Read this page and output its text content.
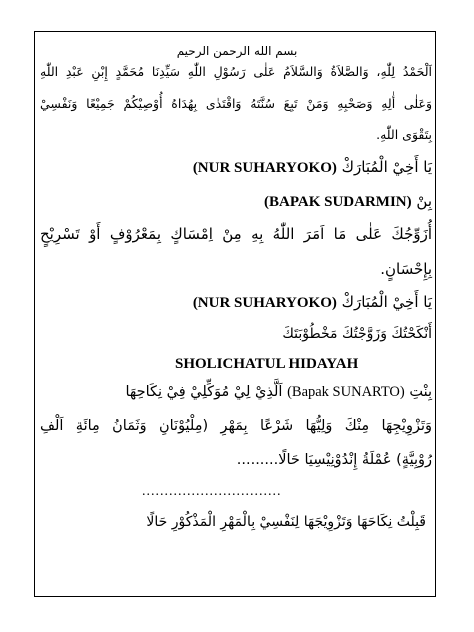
بسم الله الرحمن الرحيم
اَلْحَمْدُ لِلّٰهِ، وَالصَّلاَةُ وَالسَّلاَمُ عَلٰى رَسُوْلِ اللّٰهِ سَيِّدِنَا مُحَمَّدٍ إِبْنِ عَبْدِ اللّٰهِ
وَعَلٰى أٰلِهِ وَصَحْبِهِ وَمَنْ تَبِعَ سُنَّتَهُ وَاقْتَدٰى بِهُدَاهُ أُوْصِيْكُمْ جَمِيْعًا وَنَفْسِيْ
بِتَقْوَى اللّٰهِ.
يَا أَخِيْ الْمُبَارَكْ (NUR SUHARYOKO)
بِنْ (BAPAK SUDARMIN)
أُزَوِّجُكَ عَلٰى مَا اَمَرَ اللّٰهُ بِهِ مِنْ اِمْسَاكٍ بِمَعْرُوْفٍ أَوْ تَسْرِيْحٍ
بِإِحْسَانٍ.
يَا أَخِيْ الْمُبَارَكْ (NUR SUHARYOKO)
أَنْكَحْتُكَ وَزَوَّجْتُكَ مَخْطُوْبَتَكَ
SHOLICHATUL HIDAYAH
بِنْتِ (Bapak SUNARTO) اَلَّذِيْ لِيْ مُوَكِّلِيْ فِيْ نِكَاحِهَا
وَتَزْوِيْجِهَا مِنْكَ وَلِيُّهَا شَرْعًا بِمَهْرِ (مِلْيُوْنَانِ وَثَمَانُ مِائَةِ اَلْفِ
رُوْبِيَّةٍ) عُمْلَةُ إِنْدُوْنِيْسِيَا حَالًا.........
...............................
قَبِلْتُ نِكَاحَهَا وَتَزْوِيْجَهَا لِنَفْسِيْ بِالْمَهْرِ الْمَذْكُوْرِ حَالًا
